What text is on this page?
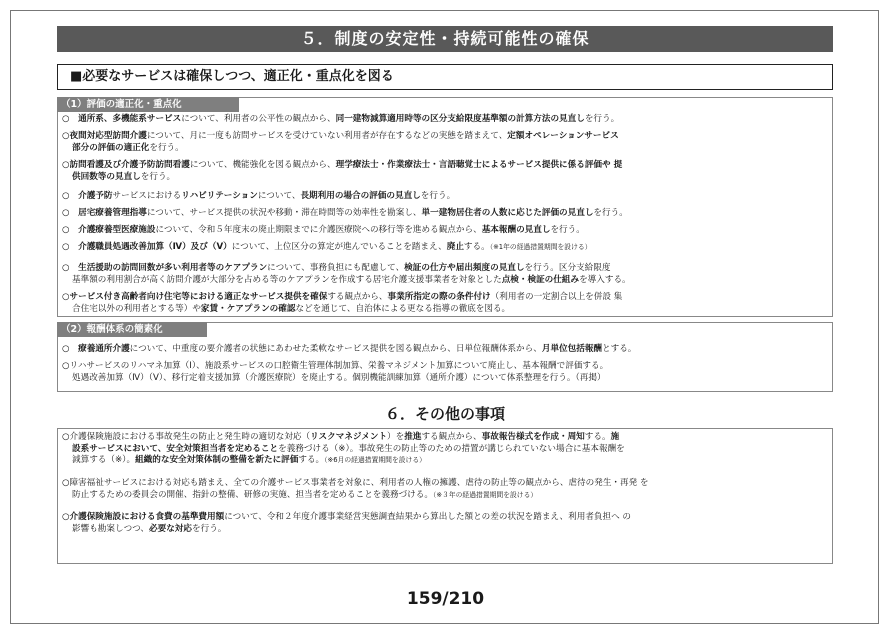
５．制度の安定性・持続可能性の確保
■必要なサービスは確保しつつ、適正化・重点化を図る
（1）評価の適正化・重点化
○　通所系、多機能系サービスについて、利用者の公平性の観点から、同一建物減算適用時等の区分支給限度基準額の計算方法の見直しを行う。
○夜間対応型訪問介護について、月に一度も訪問サービスを受けていない利用者が存在するなどの実態を踏まえて、定額オペレーションサービス
部分の評価の適正化を行う。
○訪問看護及び介護予防訪問看護について、機能強化を図る観点から、理学療法士・作業療法士・言語聴覚士によるサービス提供に係る評価や 提
供回数等の見直しを行う。
○　介護予防サービスにおけるリハビリテーションについて、長期利用の場合の評価の見直しを行う。
○　居宅療養管理指導について、サービス提供の状況や移動・滞在時間等の効率性を勘案し、単一建物居住者の人数に応じた評価の見直しを行う。
○　介護療養型医療施設について、令和５年度末の廃止期限までに介護医療院への移行等を進める観点から、基本報酬の見直しを行う。
○　介護職員処遇改善加算（Ⅳ）及び（Ⅴ）について、上位区分の算定が進んでいることを踏まえ、廃止する。（※1年の経過措置期間を設ける）
○　生活援助の訪問回数が多い利用者等のケアプランについて、事務負担にも配慮して、検証の仕方や届出頻度の見直しを行う。区分支給限度
基準額の利用割合が高く訪問介護が大部分を占める等のケアプランを作成する居宅介護支援事業者を対象とした点検・検証の仕組みを導入する。
○サービス付き高齢者向け住宅等における適正なサービス提供を確保する観点から、事業所指定の際の条件付け（利用者の一定割合以上を併設 集
合住宅以外の利用者とする等）や家賃・ケアプランの確認などを通じて、自治体による更なる指導の徹底を図る。
（2）報酬体系の簡素化
○　療養通所介護について、中重度の要介護者の状態にあわせた柔軟なサービス提供を図る観点から、日単位報酬体系から、月単位包括報酬とする。
○リハサービスのリハマネ加算（Ⅰ）、施設系サービスの口腔衛生管理体制加算、栄養マネジメント加算について廃止し、基本報酬で評価する。
処遇改善加算（Ⅳ）（Ⅴ）、移行定着支援加算（介護医療院）を廃止する。個別機能訓練加算（通所介護）について体系整理を行う。（再掲）
６．その他の事項
○介護保険施設における事故発生の防止と発生時の適切な対応（リスクマネジメント）を推進する観点から、事故報告様式を作成・周知する。施
設系サービスにおいて、安全対策担当者を定めることを義務づける（※）。事故発生の防止等のための措置が講じられていない場合に基本報酬を
減算する（※）。組織的な安全対策体制の整備を新たに評価する。（※6月の経過措置期間を設ける）
○障害福祉サービスにおける対応も踏まえ、全ての介護サービス事業者を対象に、利用者の人権の擁護、虐待の防止等の観点から、虐待の発生・再発 を
防止するための委員会の開催、指針の整備、研修の実施、担当者を定めることを義務づける。（※３年の経過措置期間を設ける）
○介護保険施設における食費の基準費用額について、令和２年度介護事業経営実態調査結果から算出した額との差の状況を踏まえ、利用者負担へ の
影響も勘案しつつ、必要な対応を行う。
159/210
